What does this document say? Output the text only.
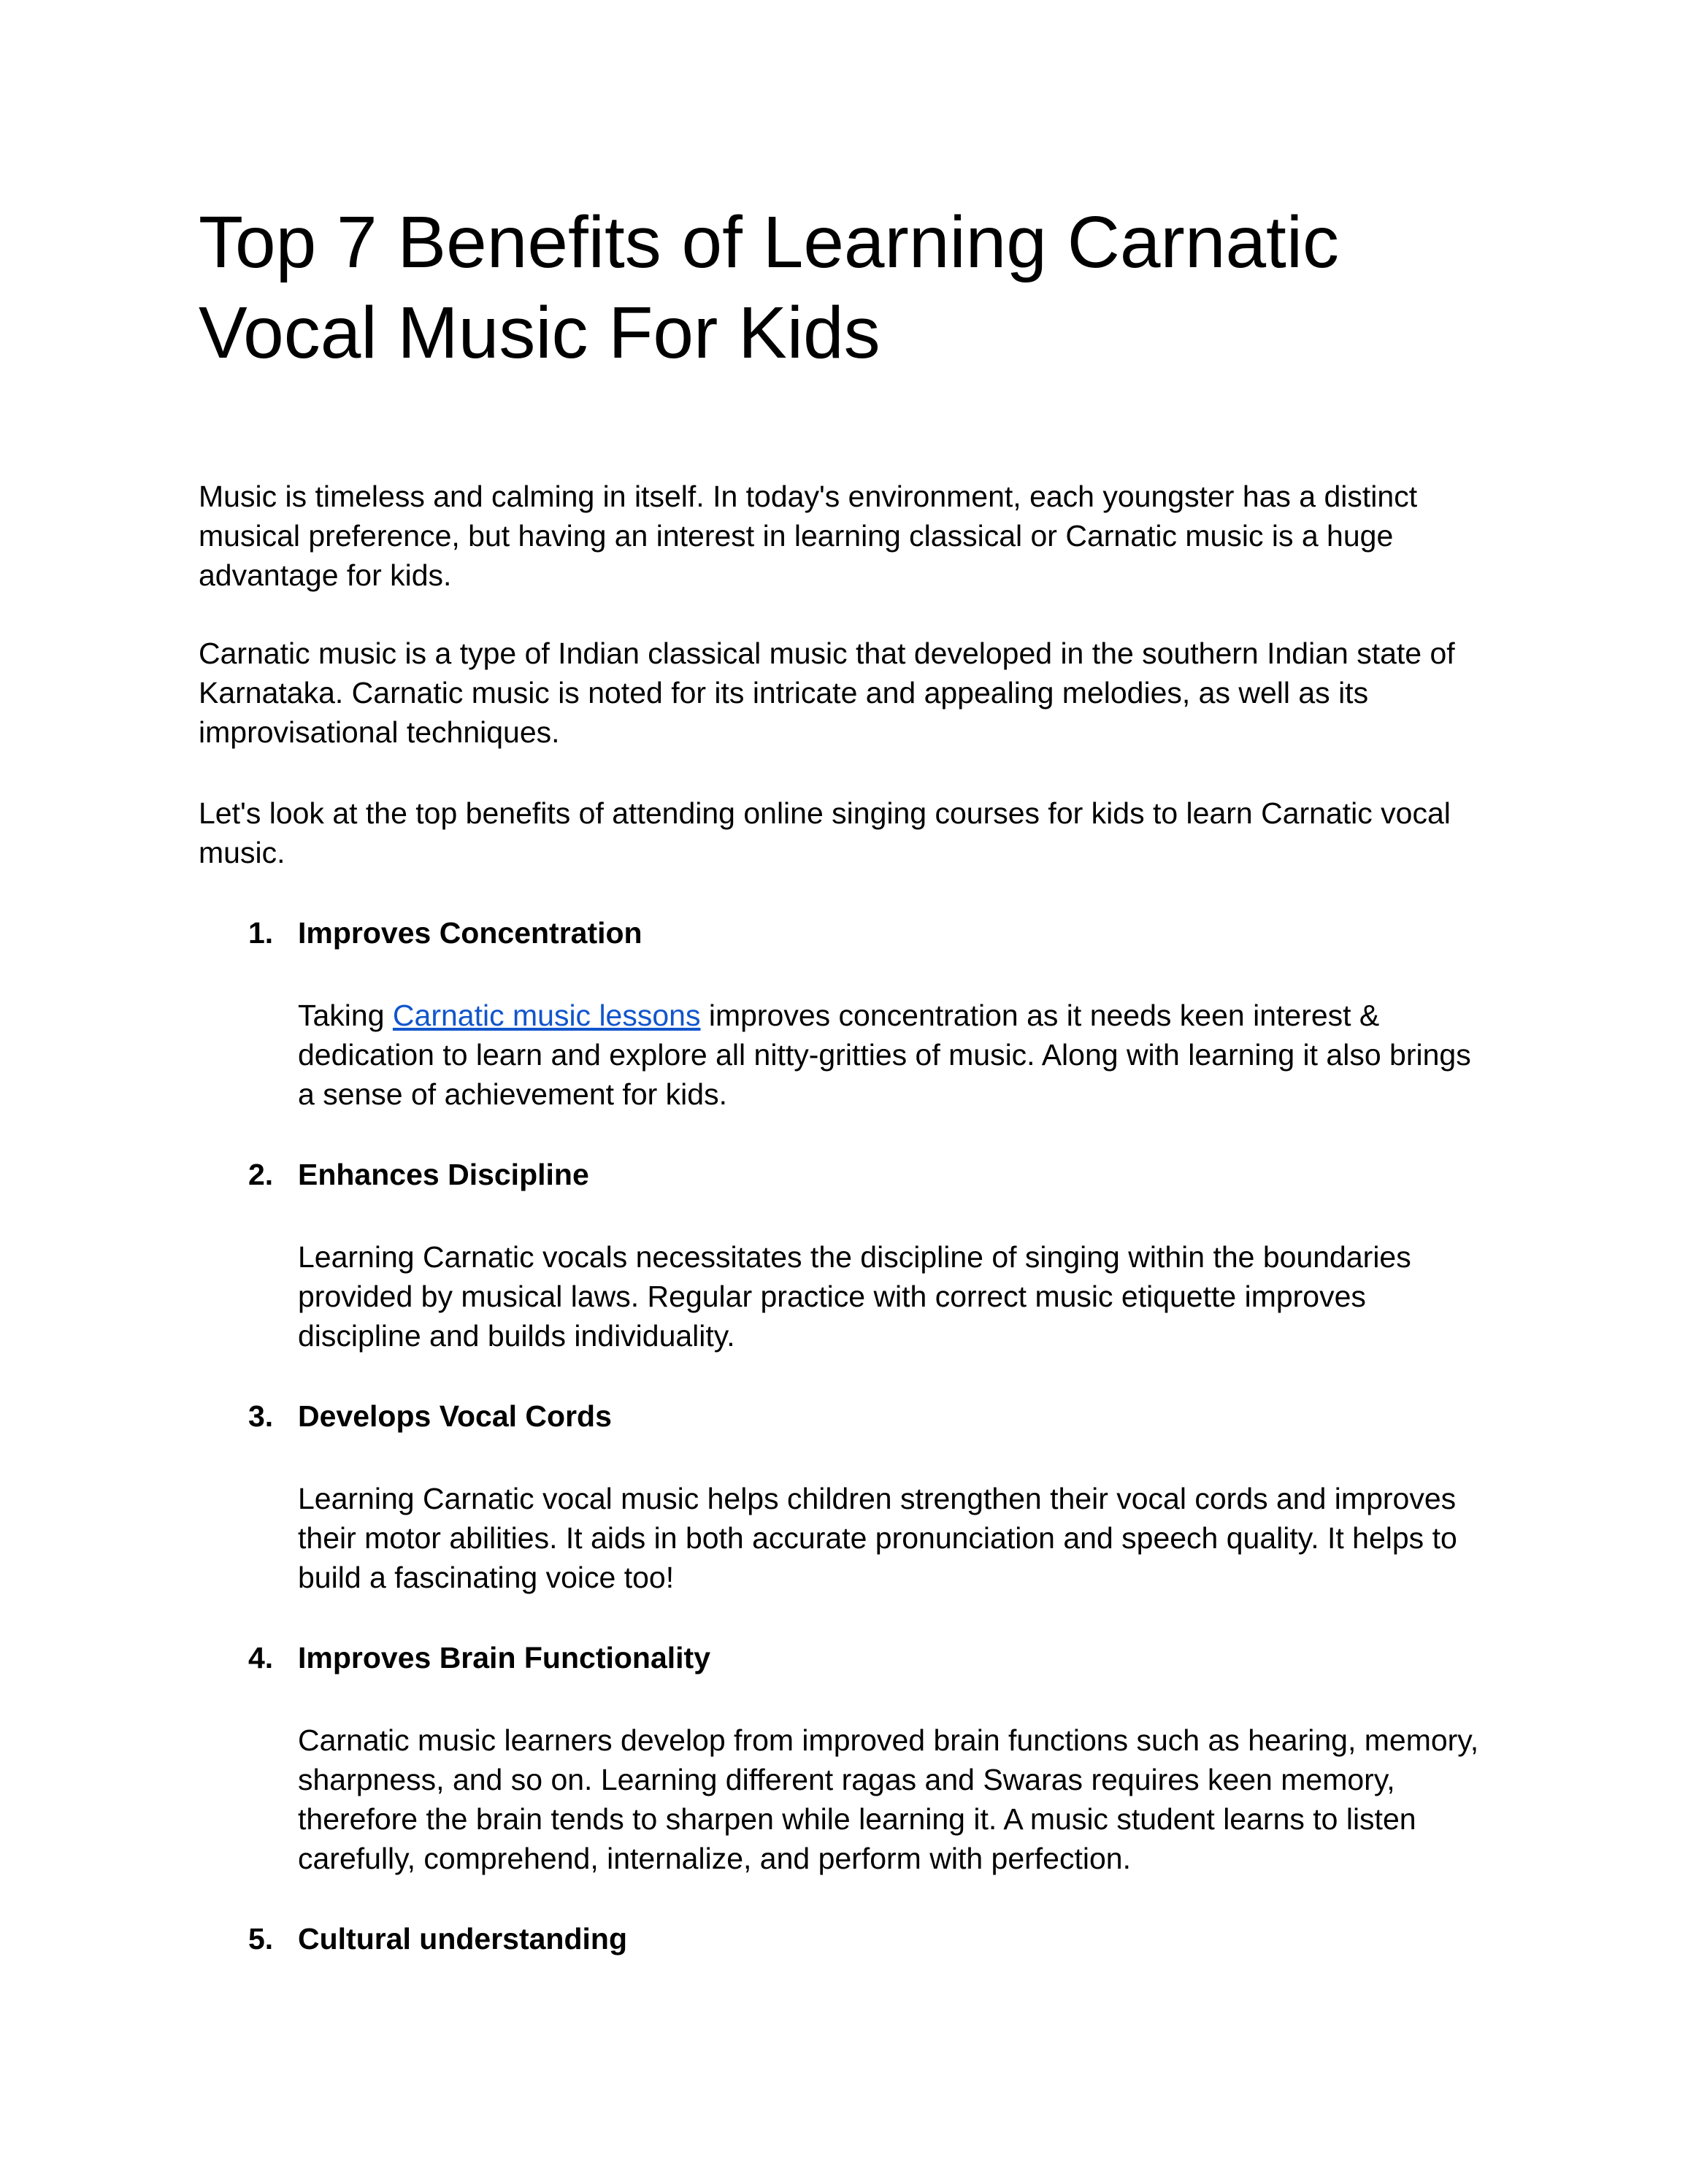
Top 7 Benefits of Learning Carnatic Vocal Music For Kids

Music is timeless and calming in itself. In today's environment, each youngster has a distinct musical preference, but having an interest in learning classical or Carnatic music is a huge advantage for kids.

Carnatic music is a type of Indian classical music that developed in the southern Indian state of Karnataka. Carnatic music is noted for its intricate and appealing melodies, as well as its improvisational techniques.

Let's look at the top benefits of attending online singing courses for kids to learn Carnatic vocal music.

1. Improves Concentration

Taking Carnatic music lessons improves concentration as it needs keen interest & dedication to learn and explore all nitty-gritties of music. Along with learning it also brings a sense of achievement for kids.

2. Enhances Discipline

Learning Carnatic vocals necessitates the discipline of singing within the boundaries provided by musical laws. Regular practice with correct music etiquette improves discipline and builds individuality.

3. Develops Vocal Cords

Learning Carnatic vocal music helps children strengthen their vocal cords and improves their motor abilities. It aids in both accurate pronunciation and speech quality. It helps to build a fascinating voice too!

4. Improves Brain Functionality

Carnatic music learners develop from improved brain functions such as hearing, memory, sharpness, and so on. Learning different ragas and Swaras requires keen memory, therefore the brain tends to sharpen while learning it. A music student learns to listen carefully, comprehend, internalize, and perform with perfection.

5. Cultural understanding
